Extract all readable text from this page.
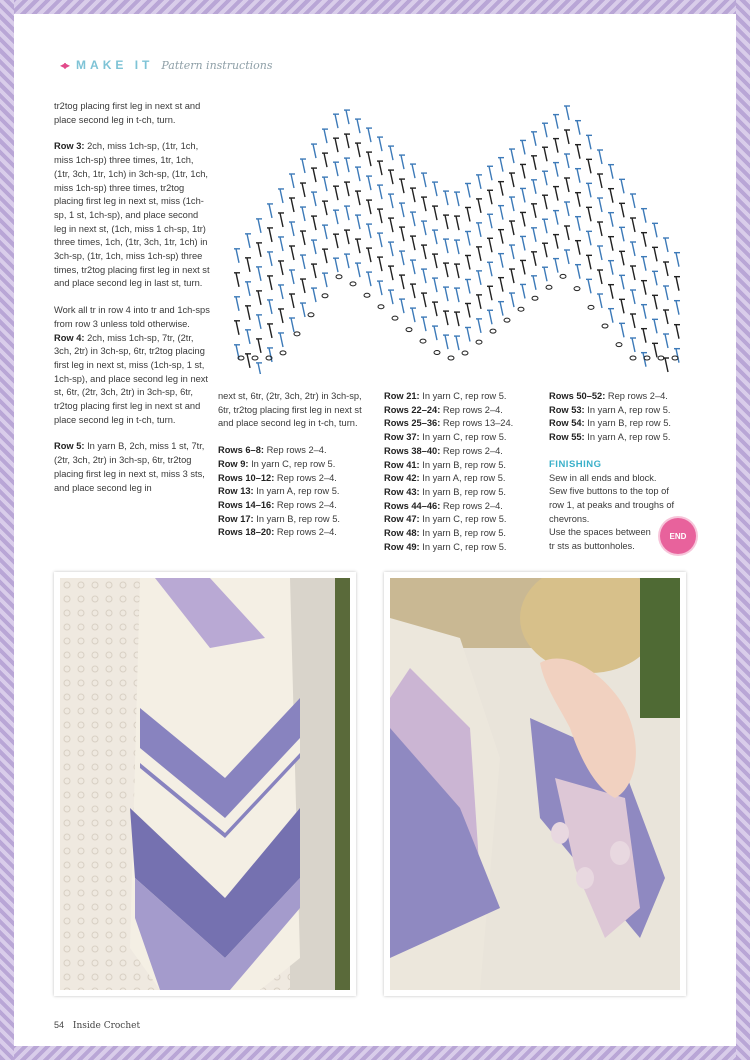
◂▸ MAKE IT Pattern instructions

tr2tog placing first leg in next st and place second leg in t-ch, turn.

Row 3: 2ch, miss 1ch-sp, (1tr, 1ch, miss 1ch-sp) three times, 1tr, 1ch, (1tr, 3ch, 1tr, 1ch) in 3ch-sp, (1tr, 1ch, miss 1ch-sp) three times, tr2tog placing first leg in next st, miss (1ch-sp, 1 st, 1ch-sp), and place second leg in next st, (1ch, miss 1 ch-sp, 1tr) three times, 1ch, (1tr, 3ch, 1tr, 1ch) in 3ch-sp, (1tr, 1ch, miss 1ch-sp) three times, tr2tog placing first leg in next st and place second leg in last st, turn.

Work all tr in row 4 into tr and 1ch-sps from row 3 unless told otherwise.

Row 4: 2ch, miss 1ch-sp, 7tr, (2tr, 3ch, 2tr) in 3ch-sp, 6tr, tr2tog placing first leg in next st, miss (1ch-sp, 1 st, 1ch-sp), and place second leg in next st, 6tr, (2tr, 3ch, 2tr) in 3ch-sp, 6tr, tr2tog placing first leg in next st and place second leg in t-ch, turn.

Row 5: In yarn B, 2ch, miss 1 st, 7tr, (2tr, 3ch, 2tr) in 3ch-sp, 6tr, tr2tog placing first leg in next st, miss 3 sts, and place second leg in

next st, 6tr, (2tr, 3ch, 2tr) in 3ch-sp, 6tr, tr2tog placing first leg in next st and place second leg in t-ch, turn.

Rows 6–8: Rep rows 2–4.
Row 9: In yarn C, rep row 5.
Rows 10–12: Rep rows 2–4.
Row 13: In yarn A, rep row 5.
Rows 14–16: Rep rows 2–4.
Row 17: In yarn B, rep row 5.
Rows 18–20: Rep rows 2–4.
Row 21: In yarn C, rep row 5.
Rows 22–24: Rep rows 2–4.
Rows 25–36: Rep rows 13–24.
Row 37: In yarn C, rep row 5.
Rows 38–40: Rep rows 2–4.
Row 41: In yarn B, rep row 5.
Row 42: In yarn A, rep row 5.
Row 43: In yarn B, rep row 5.
Rows 44–46: Rep rows 2–4.
Row 47: In yarn C, rep row 5.
Row 48: In yarn B, rep row 5.
Row 49: In yarn C, rep row 5.
Rows 50–52: Rep rows 2–4.
Row 53: In yarn A, rep row 5.
Row 54: In yarn B, rep row 5.
Row 55: In yarn A, rep row 5.
FINISHING
Sew in all ends and block.
Sew five buttons to the top of row 1, at peaks and troughs of chevrons.
Use the spaces between tr sts as buttonholes.
END
54 Inside Crochet
